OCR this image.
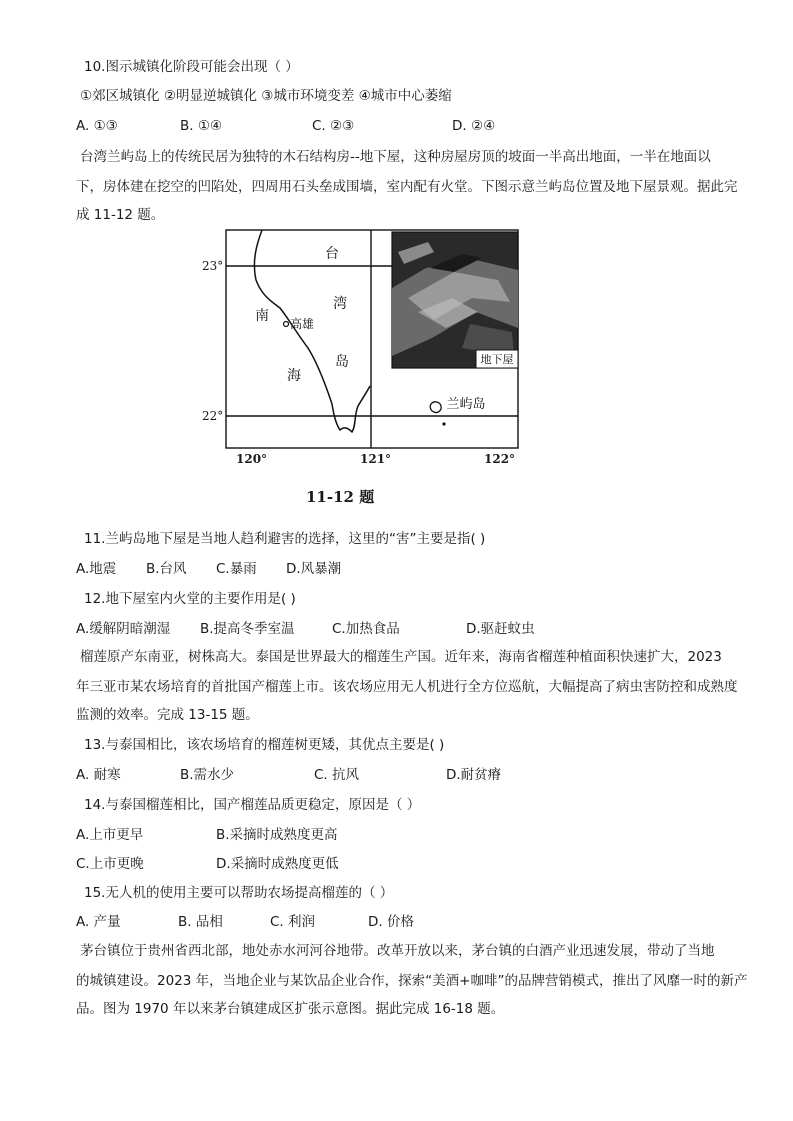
10.图示城镇化阶段可能会出现（ ）
①郊区城镇化 ②明显逆城镇化 ③城市环境变差 ④城市中心萎缩
A. ①③	B. ①④	C. ②③	D. ②④
台湾兰屿岛上的传统民居为独特的木石结构房--地下屋，这种房屋房顶的坡面一半高出地面，一半在地面以
下，房体建在挖空的凹陷处，四周用石头垒成围墙，室内配有火堂。下图示意兰屿岛位置及地下屋景观。据此完
成 11-12 题。
地下屋
台
湾
岛
南
海
高雄
兰屿岛
23°
22°
120°	121°	122°
11-12 题
11.兰屿岛地下屋是当地人趋利避害的选择，这里的“害”主要是指( )
A.地震 B.台风 C.暴雨 D.风暴潮
12.地下屋室内火堂的主要作用是( )
A.缓解阴暗潮湿 B.提高冬季室温	C.加热食品	D.驱赶蚊虫
榴莲原产东南亚，树株高大。泰国是世界最大的榴莲生产国。近年来，海南省榴莲种植面积快速扩大，2023
年三亚市某农场培育的首批国产榴莲上市。该农场应用无人机进行全方位巡航，大幅提高了病虫害防控和成熟度
监测的效率。完成 13-15 题。
13.与泰国相比，该农场培育的榴莲树更矮，其优点主要是( )
A. 耐寒	B.需水少	C. 抗风	D.耐贫瘠
14.与泰国榴莲相比，国产榴莲品质更稳定，原因是（ ）
A.上市更早	B.采摘时成熟度更高
C.上市更晚	D.采摘时成熟度更低
15.无人机的使用主要可以帮助农场提高榴莲的（ ）
A. 产量	B. 品相	C. 利润	D. 价格
茅台镇位于贵州省西北部，地处赤水河河谷地带。改革开放以来，茅台镇的白酒产业迅速发展，带动了当地
的城镇建设。2023 年，当地企业与某饮品企业合作，探索“美酒+咖啡”的品牌营销模式，推出了风靡一时的新产
品。图为 1970 年以来茅台镇建成区扩张示意图。据此完成 16-18 题。
